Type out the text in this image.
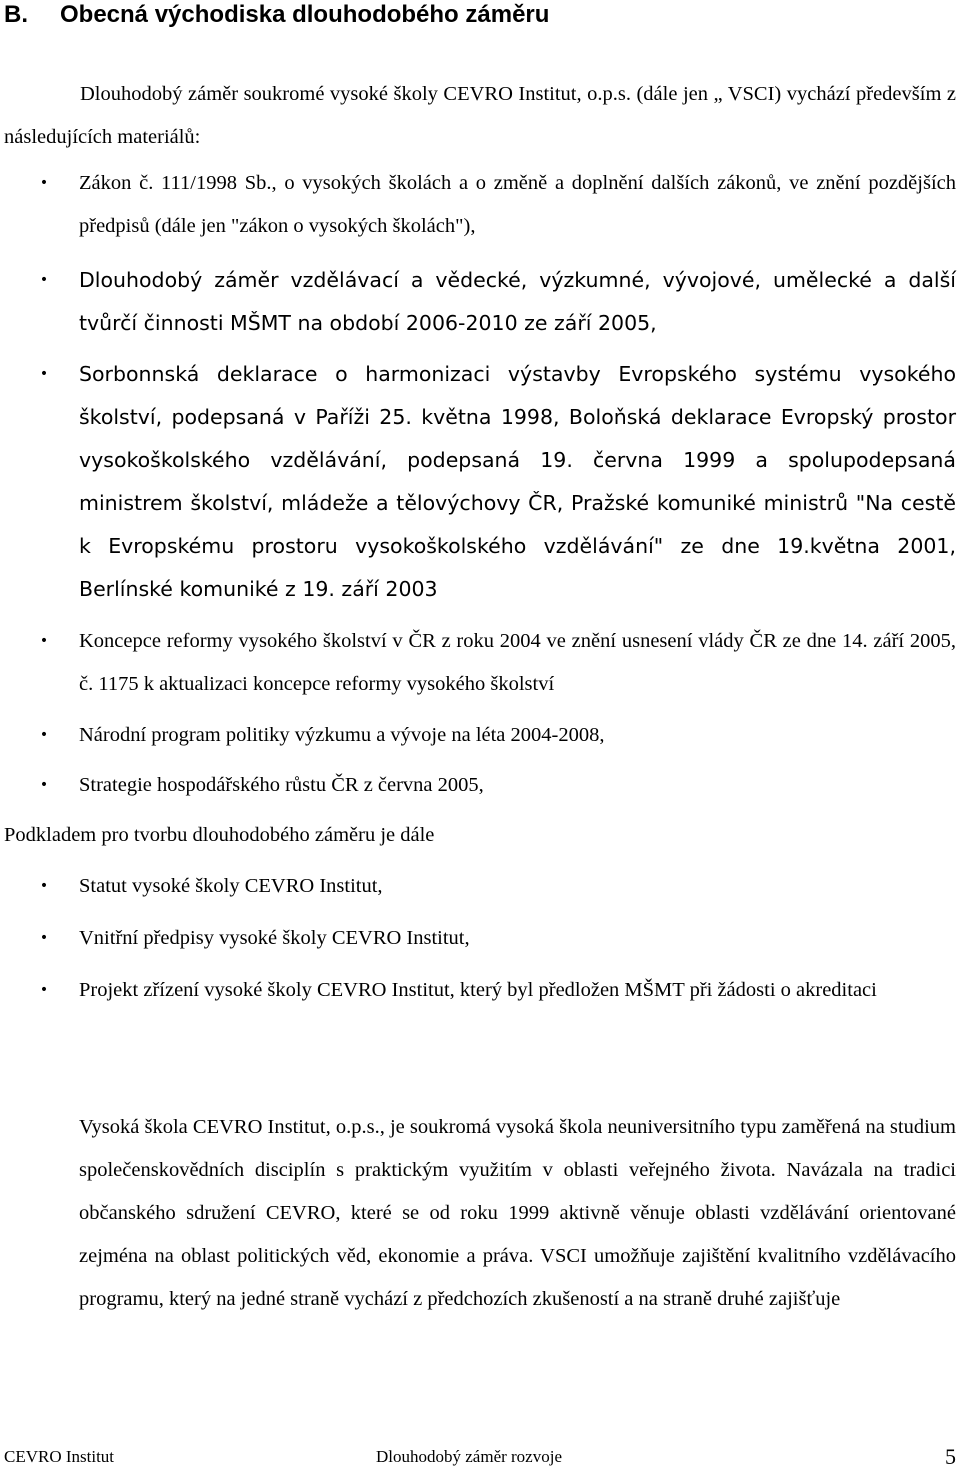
B. Obecná východiska dlouhodobého záměru

Dlouhodobý záměr soukromé vysoké školy CEVRO Institut, o.p.s. (dále jen „ VSCI) vychází především z následujících materiálů:

• Zákon č. 111/1998 Sb., o vysokých školách a o změně a doplnění dalších zákonů, ve znění pozdějších předpisů (dále jen "zákon o vysokých školách"),
• Dlouhodobý záměr vzdělávací a vědecké, výzkumné, vývojové, umělecké a další tvůrčí činnosti MŠMT na období 2006-2010 ze září 2005,
• Sorbonnská deklarace o harmonizaci výstavby Evropského systému vysokého školství, podepsaná v Paříži 25. května 1998, Boloňská deklarace Evropský prostor vysokoškolského vzdělávání, podepsaná 19. června 1999 a spolupodepsaná ministrem školství, mládeže a tělovýchovy ČR, Pražské komuniké ministrů "Na cestě k Evropskému prostoru vysokoškolského vzdělávání" ze dne 19.května 2001, Berlínské komuniké z 19. září 2003
• Koncepce reformy vysokého školství v ČR z roku 2004 ve znění usnesení vlády ČR ze dne 14. září 2005, č. 1175 k aktualizaci koncepce reformy vysokého školství
• Národní program politiky výzkumu a vývoje na léta 2004-2008,
• Strategie hospodářského růstu ČR z června 2005,

Podkladem pro tvorbu dlouhodobého záměru je dále

• Statut vysoké školy CEVRO Institut,
• Vnitřní předpisy vysoké školy CEVRO Institut,
• Projekt zřízení vysoké školy CEVRO Institut, který byl předložen MŠMT při žádosti o akreditaci

Vysoká škola CEVRO Institut, o.p.s., je soukromá vysoká škola neuniversitního typu zaměřená na studium společenskovědních disciplín s praktickým využitím v oblasti veřejného života. Navázala na tradici občanského sdružení CEVRO, které se od roku 1999 aktivně věnuje oblasti vzdělávání orientované zejména na oblast politických věd, ekonomie a práva. VSCI umožňuje zajištění kvalitního vzdělávacího programu, který na jedné straně vychází z předchozích zkušeností a na straně druhé zajišťuje

CEVRO Institut	Dlouhodobý záměr rozvoje	5
